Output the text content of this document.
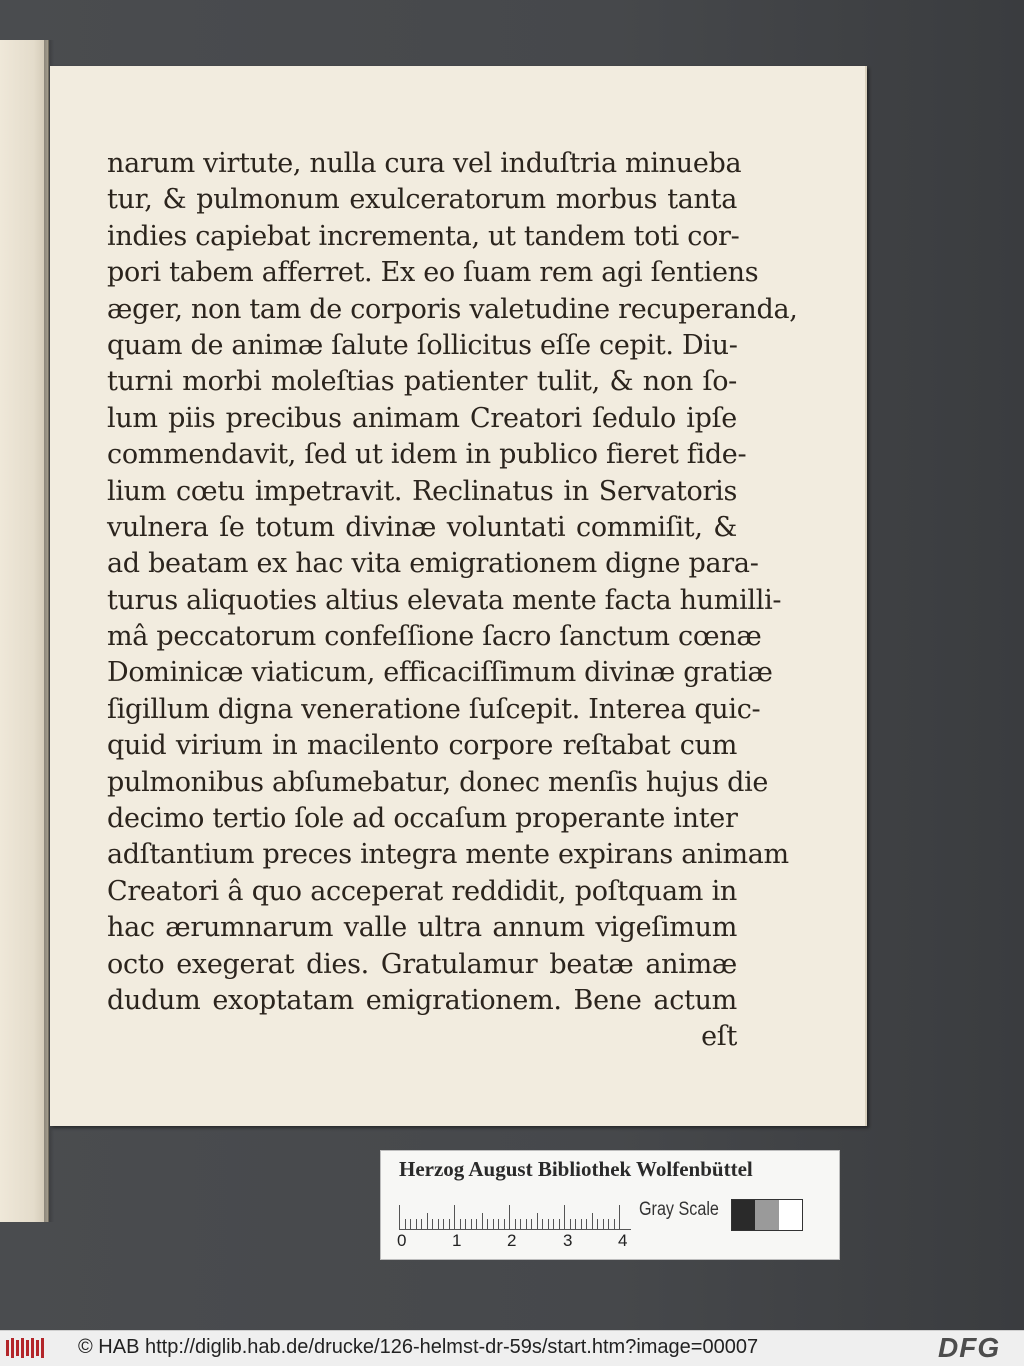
narum virtute, nulla cura vel induſtria minueba
tur, & pulmonum exulceratorum morbus tanta
indies capiebat incrementa, ut tandem toti cor-
pori tabem afferret. Ex eo ſuam rem agi ſentiens
æger, non tam de corporis valetudine recuperanda,
quam de animæ ſalute ſollicitus eſſe cepit. Diu-
turni morbi moleſtias patienter tulit, & non ſo-
lum piis precibus animam Creatori ſedulo ipſe
commendavit, ſed ut idem in publico fieret fide-
lium cœtu impetravit. Reclinatus in Servatoris
vulnera ſe totum divinæ voluntati commiſit, &
ad beatam ex hac vita emigrationem digne para-
turus aliquoties altius elevata mente facta humilli-
mâ peccatorum confeſſione ſacro ſanctum cœnæ
Dominicæ viaticum, efficaciſſimum divinæ gratiæ
ſigillum digna veneratione ſuſcepit. Interea quic-
quid virium in macilento corpore reſtabat cum
pulmonibus abſumebatur, donec menſis hujus die
decimo tertio ſole ad occaſum properante inter
adſtantium preces integra mente expirans animam
Creatori â quo acceperat reddidit, poſtquam in
hac ærumnarum valle ultra annum vigeſimum
octo exegerat dies. Gratulamur beatæ animæ
dudum exoptatam emigrationem. Bene actum
eſt
Herzog August Bibliothek Wolfenbüttel
0	1	2	3	4
Gray Scale
© HAB http://diglib.hab.de/drucke/126-helmst-dr-59s/start.htm?image=00007	DFG
